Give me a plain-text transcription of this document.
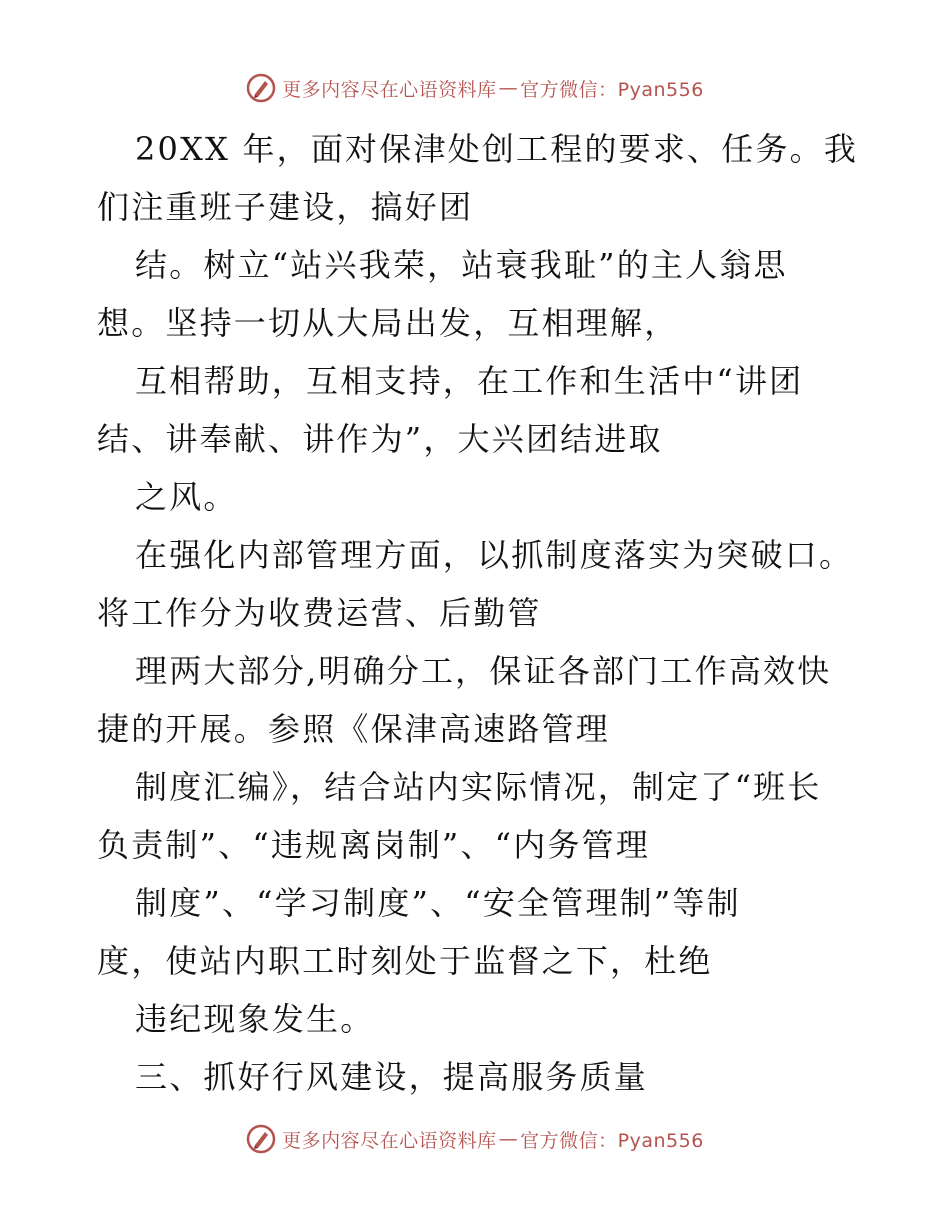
更多内容尽在心语资料库 — 官方微信：Pyan556

20XX 年，面对保津处创工程的要求、任务。我
们注重班子建设，搞好团

结。树立“站兴我荣，站衰我耻”的主人翁思
想。坚持一切从大局出发，互相理解，

互相帮助，互相支持，在工作和生活中“讲团
结、讲奉献、讲作为”，大兴团结进取

之风。

在强化内部管理方面，以抓制度落实为突破口。
将工作分为收费运营、后勤管

理两大部分,明确分工，保证各部门工作高效快
捷的开展。参照《保津高速路管理

制度汇编》，结合站内实际情况，制定了“班长
负责制”、“违规离岗制”、“内务管理

制度”、“学习制度”、“安全管理制”等制
度，使站内职工时刻处于监督之下，杜绝

违纪现象发生。

三、抓好行风建设，提高服务质量

更多内容尽在心语资料库 — 官方微信：Pyan556
